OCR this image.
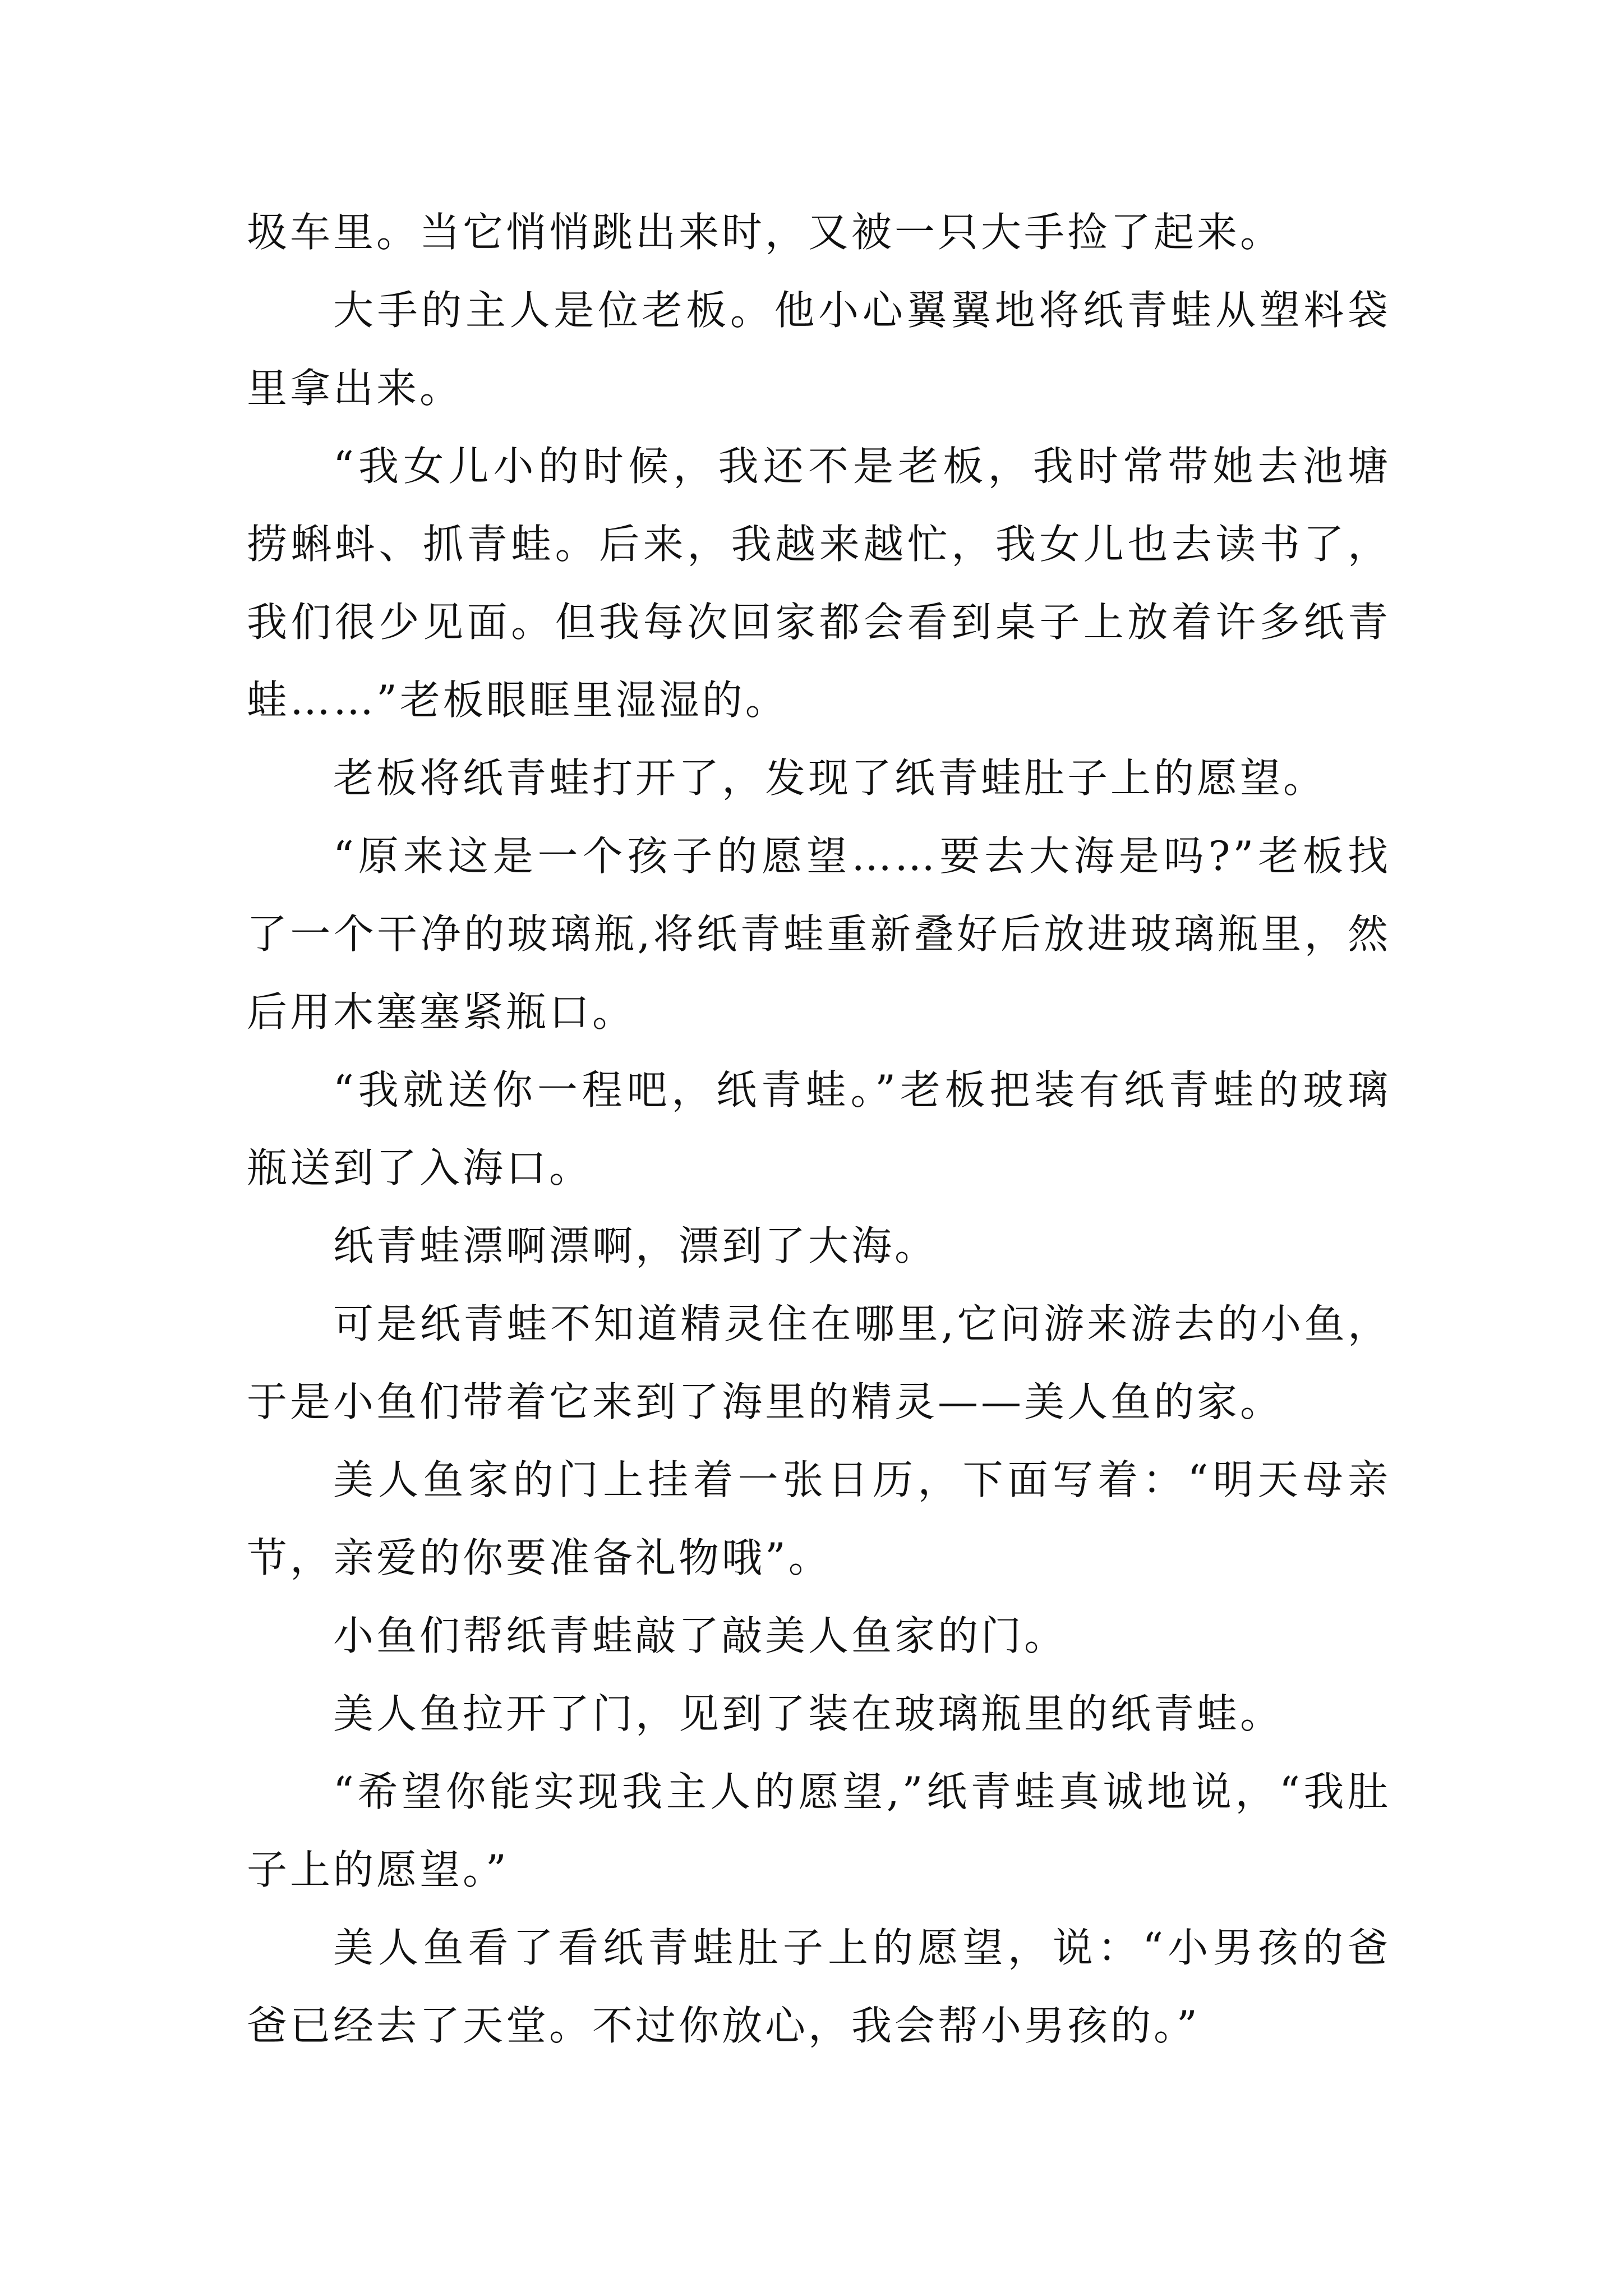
圾车里。当它悄悄跳出来时，又被一只大手捡了起来。

大手的主人是位老板。他小心翼翼地将纸青蛙从塑料袋里拿出来。

“我女儿小的时候，我还不是老板，我时常带她去池塘捞蝌蚪、抓青蛙。后来，我越来越忙，我女儿也去读书了，我们很少见面。但我每次回家都会看到桌子上放着许多纸青蛙……”老板眼眶里湿湿的。

老板将纸青蛙打开了，发现了纸青蛙肚子上的愿望。

“原来这是一个孩子的愿望……要去大海是吗?”老板找了一个干净的玻璃瓶,将纸青蛙重新叠好后放进玻璃瓶里，然后用木塞塞紧瓶口。

“我就送你一程吧，纸青蛙。”老板把装有纸青蛙的玻璃瓶送到了入海口。

纸青蛙漂啊漂啊，漂到了大海。

可是纸青蛙不知道精灵住在哪里,它问游来游去的小鱼，于是小鱼们带着它来到了海里的精灵——美人鱼的家。

美人鱼家的门上挂着一张日历，下面写着：“明天母亲节，亲爱的你要准备礼物哦”。

小鱼们帮纸青蛙敲了敲美人鱼家的门。

美人鱼拉开了门，见到了装在玻璃瓶里的纸青蛙。

“希望你能实现我主人的愿望,”纸青蛙真诚地说，“我肚子上的愿望。”

美人鱼看了看纸青蛙肚子上的愿望，说：“小男孩的爸爸已经去了天堂。不过你放心，我会帮小男孩的。”
